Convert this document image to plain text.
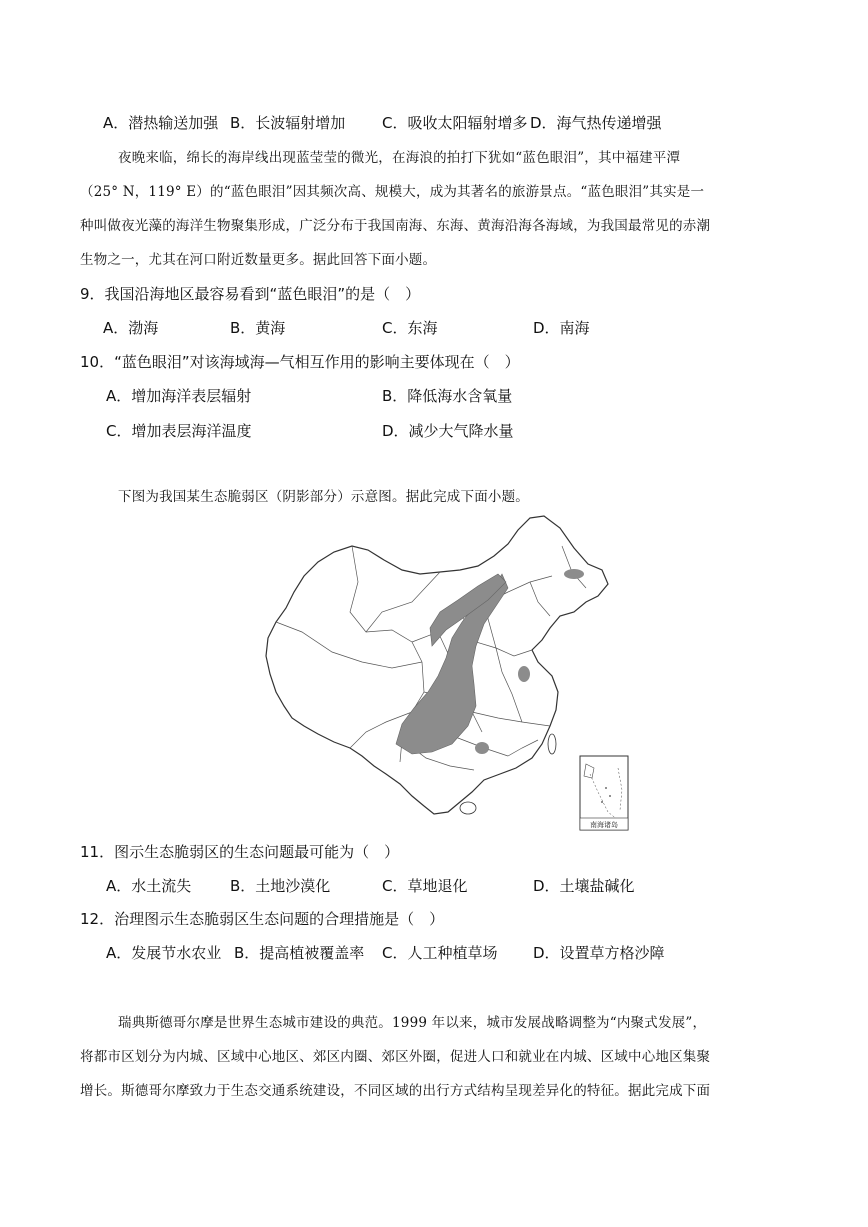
A．潜热输送加强 B．长波辐射增加 C．吸收太阳辐射增多 D．海气热传递增强
夜晚来临，绵长的海岸线出现蓝莹莹的微光，在海浪的拍打下犹如“蓝色眼泪”，其中福建平潭
（25° N，119° E）的“蓝色眼泪”因其频次高、规模大，成为其著名的旅游景点。“蓝色眼泪”其实是一
种叫做夜光藻的海洋生物聚集形成，广泛分布于我国南海、东海、黄海沿海各海域，为我国最常见的赤潮
生物之一，尤其在河口附近数量更多。据此回答下面小题。
9．我国沿海地区最容易看到“蓝色眼泪”的是（　）
A．渤海	B．黄海	C．东海	D．南海
10．“蓝色眼泪”对该海域海—气相互作用的影响主要体现在（　）
A．增加海洋表层辐射	B．降低海水含氧量
C．增加表层海洋温度	D．减少大气降水量
下图为我国某生态脆弱区（阴影部分）示意图。据此完成下面小题。
南海诸岛
11．图示生态脆弱区的生态问题最可能为（　）
A．水土流失	B．土地沙漠化	C．草地退化	D．土壤盐碱化
12．治理图示生态脆弱区生态问题的合理措施是（　）
A．发展节水农业 B．提高植被覆盖率 C．人工种植草场 D．设置草方格沙障
瑞典斯德哥尔摩是世界生态城市建设的典范。1999 年以来，城市发展战略调整为“内聚式发展”，
将都市区划分为内城、区域中心地区、郊区内圈、郊区外圈，促进人口和就业在内城、区域中心地区集聚
增长。斯德哥尔摩致力于生态交通系统建设，不同区域的出行方式结构呈现差异化的特征。据此完成下面
